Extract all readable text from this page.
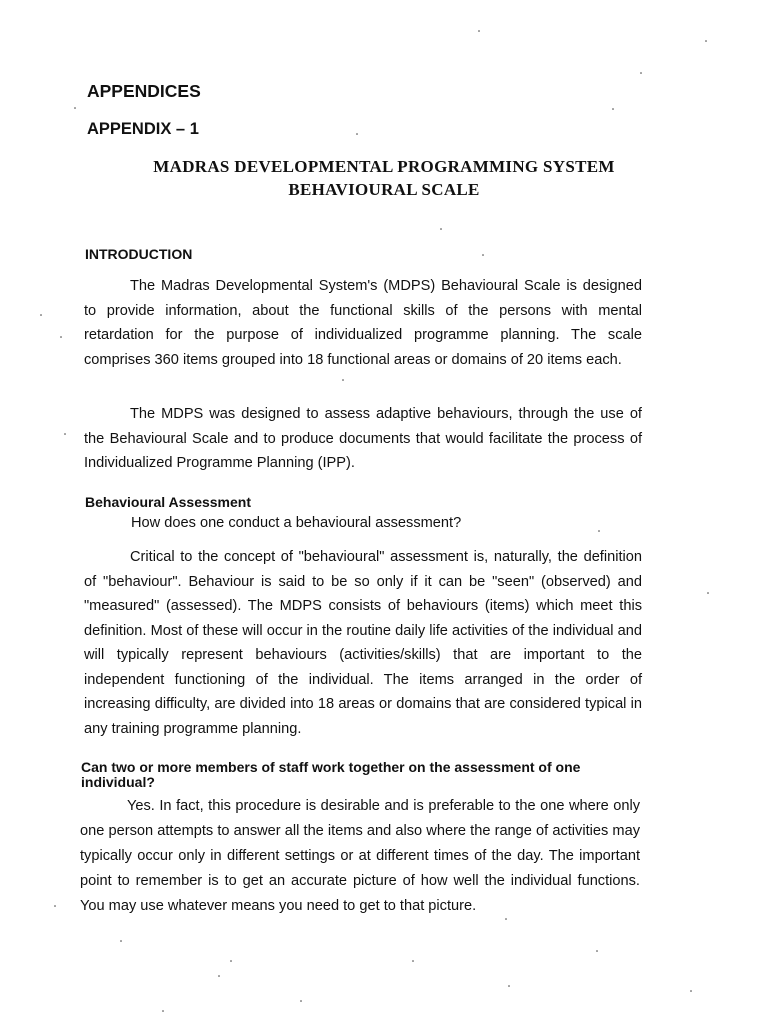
APPENDICES
APPENDIX – 1
MADRAS DEVELOPMENTAL PROGRAMMING SYSTEM
BEHAVIOURAL SCALE
INTRODUCTION

The Madras Developmental System's (MDPS) Behavioural Scale is designed to provide information, about the functional skills of the persons with mental retardation for the purpose of individualized programme planning. The scale comprises 360 items grouped into 18 functional areas or domains of 20 items each.

The MDPS was designed to assess adaptive behaviours, through the use of the Behavioural Scale and to produce documents that would facilitate the process of Individualized Programme Planning (IPP).

Behavioural Assessment

How does one conduct a behavioural assessment?

Critical to the concept of "behavioural" assessment is, naturally, the definition of "behaviour". Behaviour is said to be so only if it can be "seen" (observed) and "measured" (assessed). The MDPS consists of behaviours (items) which meet this definition. Most of these will occur in the routine daily life activities of the individual and will typically represent behaviours (activities/skills) that are important to the independent functioning of the individual. The items arranged in the order of increasing difficulty, are divided into 18 areas or domains that are considered typical in any training programme planning.

Can two or more members of staff work together on the assessment of one individual?

Yes. In fact, this procedure is desirable and is preferable to the one where only one person attempts to answer all the items and also where the range of activities may typically occur only in different settings or at different times of the day. The important point to remember is to get an accurate picture of how well the individual functions. You may use whatever means you need to get to that picture.
